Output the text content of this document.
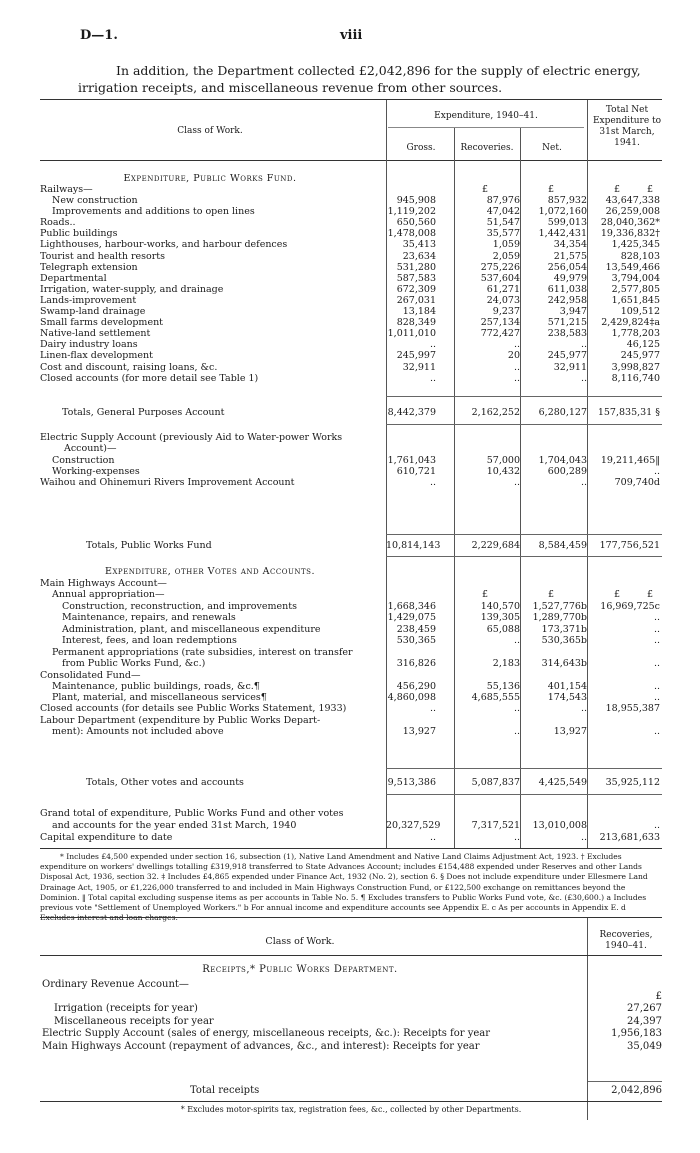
D—1.	viii

In addition, the Department collected £2,042,896 for the supply of electric energy, irrigation receipts, and miscellaneous revenue from other sources.

Class of Work.
Expenditure, 1940–41.
Gross.	Recoveries.	Net.
Total Net Expenditure to 31st March, 1941.
Expenditure, Public Works Fund.
Railways—	£	£	£	£
New construction	945,908	87,976	857,932	43,647,338
Improvements and additions to open lines	1,119,202	47,042	1,072,160	26,259,008
Roads..	650,560	51,547	599,013	28,040,362*
Public buildings	1,478,008	35,577	1,442,431	19,336,832†
Lighthouses, harbour-works, and harbour defences	35,413	1,059	34,354	1,425,345
Tourist and health resorts	23,634	2,059	21,575	828,103
Telegraph extension	531,280	275,226	256,054	13,549,466
Departmental	587,583	537,604	49,979	3,794,004
Irrigation, water-supply, and drainage	672,309	61,271	611,038	2,577,805
Lands-improvement	267,031	24,073	242,958	1,651,845
Swamp-land drainage	13,184	9,237	3,947	109,512
Small farms development	828,349	257,134	571,215	2,429,824‡a
Native-land settlement	1,011,010	772,427	238,583	1,778,203
Dairy industry loans	..	..	..	46,125
Linen-flax development	245,997	20	245,977	245,977
Cost and discount, raising loans, &c.	32,911	..	32,911	3,998,827
Closed accounts (for more detail see Table 1)	..	..	..	8,116,740
Totals, General Purposes Account	8,442,379	2,162,252	6,280,127	157,835,31 §
Electric Supply Account (previously Aid to Water-power Works
Account)—
Construction	1,761,043	57,000	1,704,043	19,211,465‖
Working-expenses	610,721	10,432	600,289	..
Waihou and Ohinemuri Rivers Improvement Account	..	..	..	709,740d
Totals, Public Works Fund	10,814,143	2,229,684	8,584,459	177,756,521
Expenditure, other Votes and Accounts.
Main Highways Account—
Annual appropriation—	£	£	£	£
Construction, reconstruction, and improvements	1,668,346	140,570	1,527,776b	16,969,725c
Maintenance, repairs, and renewals	1,429,075	139,305	1,289,770b	..
Administration, plant, and miscellaneous expenditure	238,459	65,088	173,371b	..
Interest, fees, and loan redemptions	530,365	..	530,365b	..
Permanent appropriations (rate subsidies, interest on transfer
from Public Works Fund, &c.)	316,826	2,183	314,643b	..
Consolidated Fund—
Maintenance, public buildings, roads, &c.¶	456,290	55,136	401,154	..
Plant, material, and miscellaneous services¶	4,860,098	4,685,555	174,543	..
Closed accounts (for details see Public Works Statement, 1933)	..	..	..	18,955,387
Labour Department (expenditure by Public Works Depart-
ment): Amounts not included above	13,927	..	13,927	..
Totals, Other votes and accounts	9,513,386	5,087,837	4,425,549	35,925,112
Grand total of expenditure, Public Works Fund and other votes
and accounts for the year ended 31st March, 1940	20,327,529	7,317,521	13,010,008	..
Capital expenditure to date	..	..	..	213,681,633

* Includes £4,500 expended under section 16, subsection (1), Native Land Amendment and Native Land Claims Adjustment Act, 1923. † Excludes expenditure on workers' dwellings totalling £319,918 transferred to State Advances Account; includes £154,488 expended under Reserves and other Lands Disposal Act, 1936, section 32. ‡ Includes £4,865 expended under Finance Act, 1932 (No. 2), section 6. § Does not include expenditure under Ellesmere Land Drainage Act, 1905, or £1,226,000 transferred to and included in Main Highways Construction Fund, or £122,500 exchange on remittances beyond the Dominion. ‖ Total capital excluding suspense items as per accounts in Table No. 5. ¶ Excludes transfers to Public Works Fund vote, &c. (£30,600.) a Includes previous vote "Settlement of Unemployed Workers." b For annual income and expenditure accounts see Appendix E. c As per accounts in Appendix E. d

Class of Work.
Recoveries, 1940–41.
Receipts,* Public Works Department.
Ordinary Revenue Account—
£
Irrigation (receipts for year)	27,267
Miscellaneous receipts for year	24,397
Electric Supply Account (sales of energy, miscellaneous receipts, &c.): Receipts for year	1,956,183
Main Highways Account (repayment of advances, &c., and interest): Receipts for year	35,049
Total receipts	2,042,896
* Excludes motor-spirits tax, registration fees, &c., collected by other Departments.
